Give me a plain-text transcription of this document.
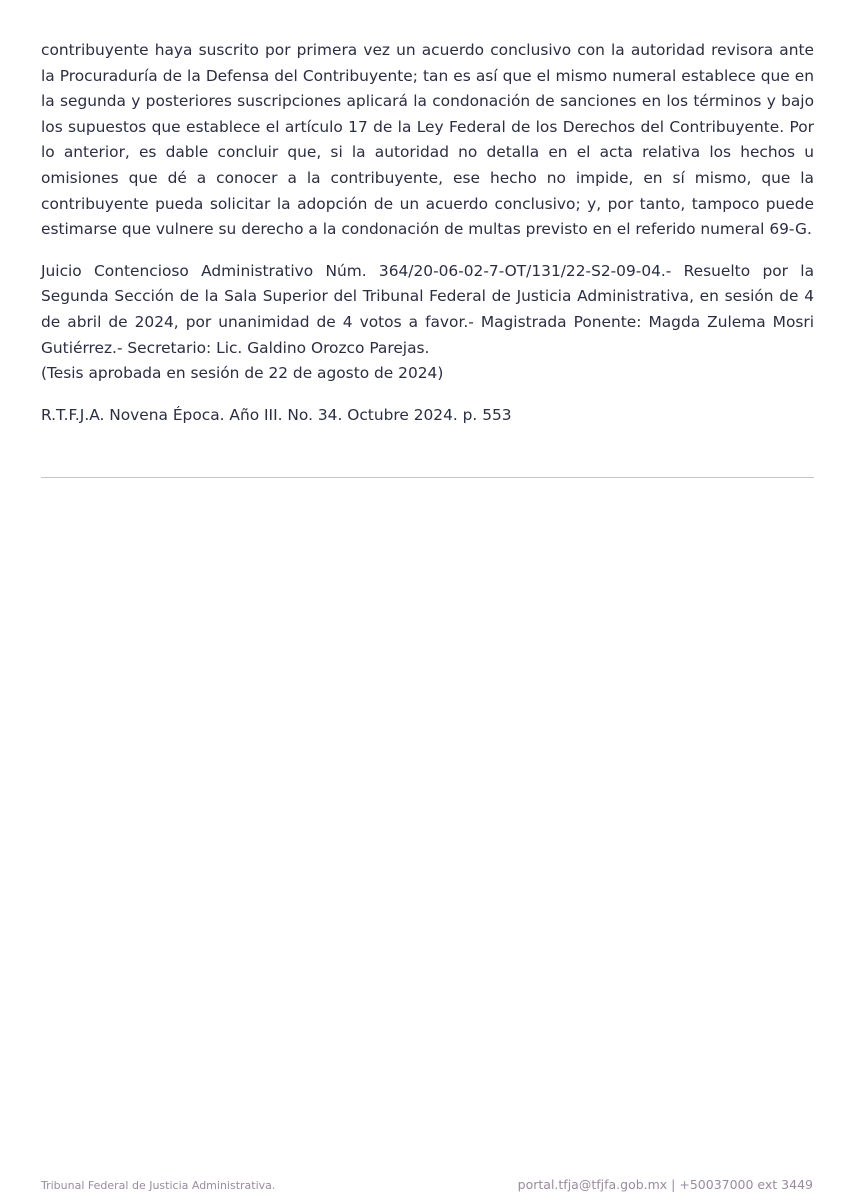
contribuyente haya suscrito por primera vez un acuerdo conclusivo con la autoridad revisora ante la Procuraduría de la Defensa del Contribuyente; tan es así que el mismo numeral establece que en la segunda y posteriores suscripciones aplicará la condonación de sanciones en los términos y bajo los supuestos que establece el artículo 17 de la Ley Federal de los Derechos del Contribuyente. Por lo anterior, es dable concluir que, si la autoridad no detalla en el acta relativa los hechos u omisiones que dé a conocer a la contribuyente, ese hecho no impide, en sí mismo, que la contribuyente pueda solicitar la adopción de un acuerdo conclusivo; y, por tanto, tampoco puede estimarse que vulnere su derecho a la condonación de multas previsto en el referido numeral 69-G.

Juicio Contencioso Administrativo Núm. 364/20-06-02-7-OT/131/22-S2-09-04.- Resuelto por la Segunda Sección de la Sala Superior del Tribunal Federal de Justicia Administrativa, en sesión de 4 de abril de 2024, por unanimidad de 4 votos a favor.- Magistrada Ponente: Magda Zulema Mosri Gutiérrez.- Secretario: Lic. Galdino Orozco Parejas.

(Tesis aprobada en sesión de 22 de agosto de 2024)

R.T.F.J.A. Novena Época. Año III. No. 34. Octubre 2024. p. 553

Tribunal Federal de Justicia Administrativa.	portal.tfja@tfjfa.gob.mx | +50037000 ext 3449
